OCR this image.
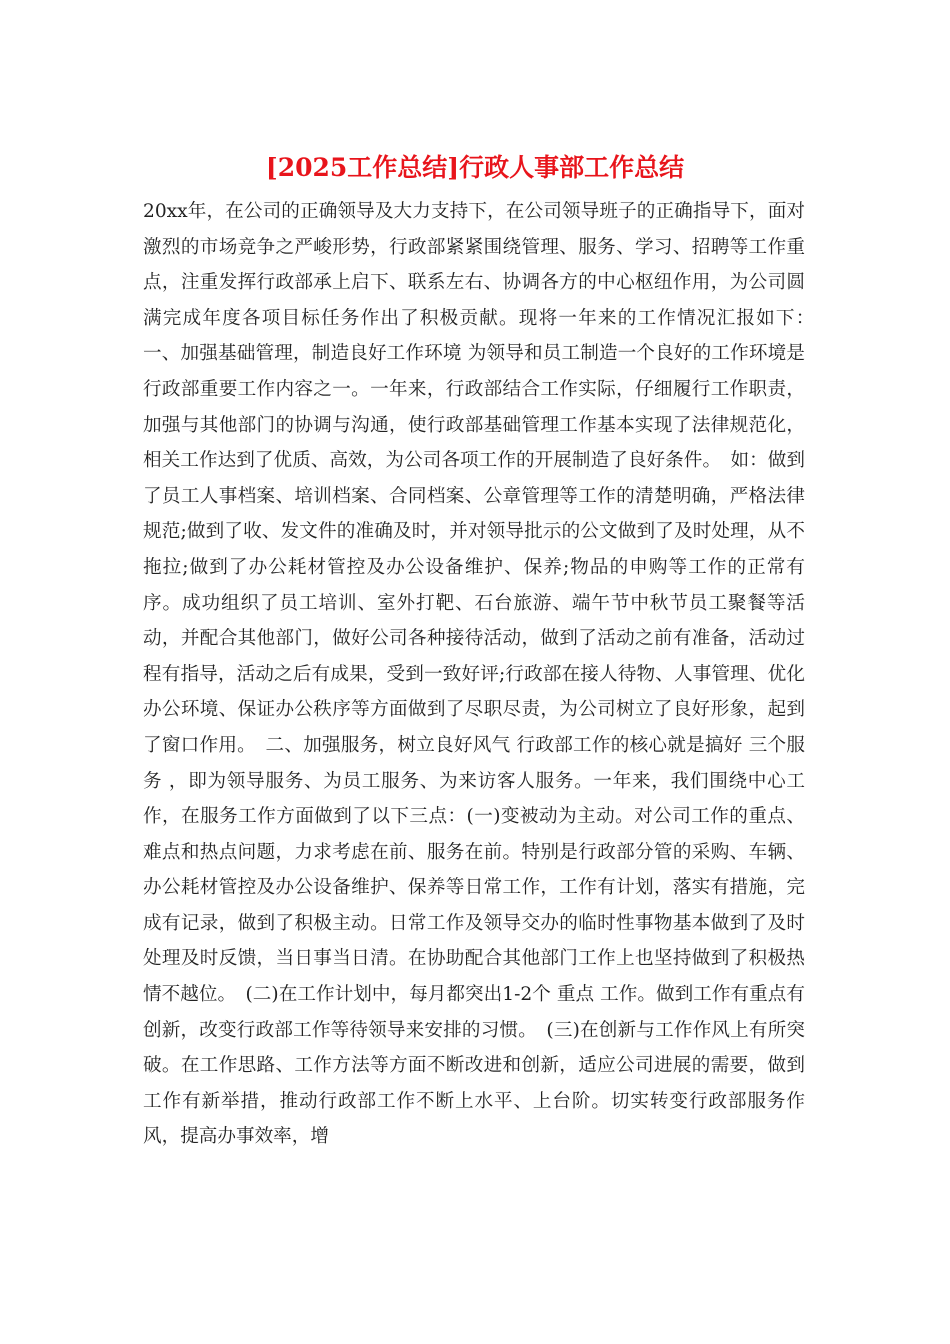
[2025工作总结]行政人事部工作总结

20xx年，在公司的正确领导及大力支持下，在公司领导班子的正确指导下，面对激烈的市场竞争之严峻形势，行政部紧紧围绕管理、服务、学习、招聘等工作重点，注重发挥行政部承上启下、联系左右、协调各方的中心枢纽作用，为公司圆满完成年度各项目标任务作出了积极贡献。现将一年来的工作情况汇报如下：　一、加强基础管理，制造良好工作环境 为领导和员工制造一个良好的工作环境是行政部重要工作内容之一。一年来，行政部结合工作实际，仔细履行工作职责，加强与其他部门的协调与沟通，使行政部基础管理工作基本实现了法律规范化，相关工作达到了优质、高效，为公司各项工作的开展制造了良好条件。　如：做到了员工人事档案、培训档案、合同档案、公章管理等工作的清楚明确，严格法律规范;做到了收、发文件的准确及时，并对领导批示的公文做到了及时处理，从不拖拉;做到了办公耗材管控及办公设备维护、保养;物品的申购等工作的正常有序。成功组织了员工培训、室外打靶、石台旅游、端午节中秋节员工聚餐等活动，并配合其他部门，做好公司各种接待活动，做到了活动之前有准备，活动过程有指导，活动之后有成果，受到一致好评;行政部在接人待物、人事管理、优化办公环境、保证办公秩序等方面做到了尽职尽责，为公司树立了良好形象，起到了窗口作用。　二、加强服务，树立良好风气 行政部工作的核心就是搞好 三个服务 ，即为领导服务、为员工服务、为来访客人服务。一年来，我们围绕中心工作，在服务工作方面做到了以下三点：(一)变被动为主动。对公司工作的重点、难点和热点问题，力求考虑在前、服务在前。特别是行政部分管的采购、车辆、办公耗材管控及办公设备维护、保养等日常工作，工作有计划，落实有措施，完成有记录，做到了积极主动。日常工作及领导交办的临时性事物基本做到了及时处理及时反馈，当日事当日清。在协助配合其他部门工作上也坚持做到了积极热情不越位。　(二)在工作计划中，每月都突出1-2个 重点 工作。做到工作有重点有创新，改变行政部工作等待领导来安排的习惯。　(三)在创新与工作作风上有所突破。在工作思路、工作方法等方面不断改进和创新，适应公司进展的需要，做到工作有新举措，推动行政部工作不断上水平、上台阶。切实转变行政部服务作风，提高办事效率，增
